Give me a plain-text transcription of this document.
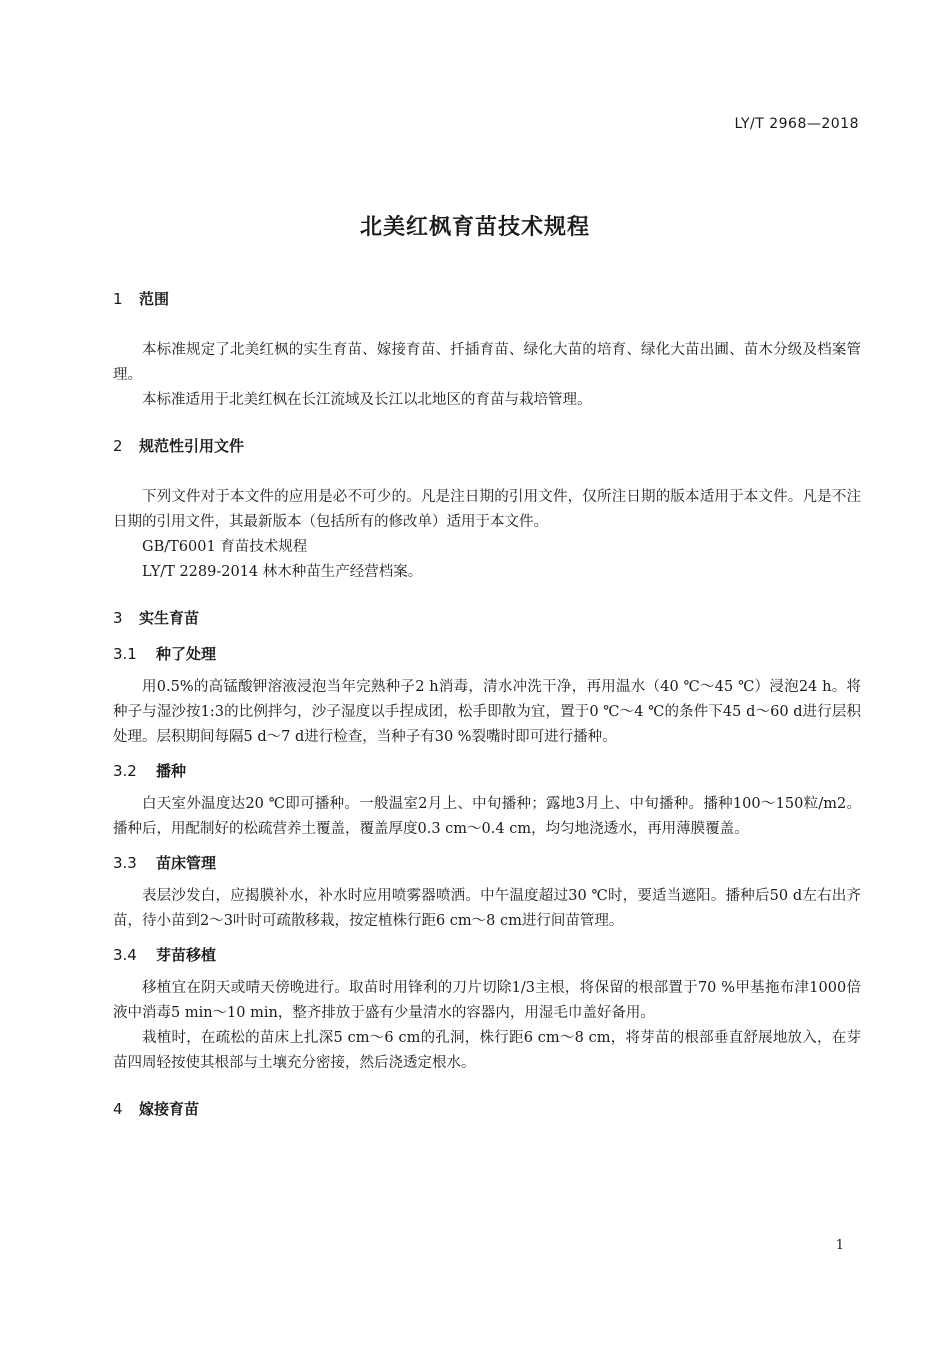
LY/T 2968—2018
北美红枫育苗技术规程
1	范围

本标准规定了北美红枫的实生育苗、嫁接育苗、扦插育苗、绿化大苗的培育、绿化大苗出圃、苗木分级及档案管理。

本标准适用于北美红枫在长江流域及长江以北地区的育苗与栽培管理。

2	规范性引用文件

下列文件对于本文件的应用是必不可少的。凡是注日期的引用文件，仅所注日期的版本适用于本文件。凡是不注日期的引用文件，其最新版本（包括所有的修改单）适用于本文件。

GB/T6001 育苗技术规程

LY/T 2289-2014 林木种苗生产经营档案。

3	实生育苗
3.1	种了处理

用0.5%的高锰酸钾溶液浸泡当年完熟种子2 h消毒，清水冲洗干净，再用温水（40 ℃～45 ℃）浸泡24 h。将种子与湿沙按1:3的比例拌匀，沙子湿度以手捏成团，松手即散为宜，置于0 ℃～4 ℃的条件下45 d～60 d进行层积处理。层积期间每隔5 d～7 d进行检查，当种子有30 %裂嘴时即可进行播种。

3.2	播种

白天室外温度达20 ℃即可播种。一般温室2月上、中旬播种；露地3月上、中旬播种。播种100～150粒/m2。播种后，用配制好的松疏营养土覆盖，覆盖厚度0.3 cm～0.4 cm，均匀地浇透水，再用薄膜覆盖。

3.3	苗床管理

表层沙发白，应揭膜补水，补水时应用喷雾器喷洒。中午温度超过30 ℃时，要适当遮阳。播种后50 d左右出齐苗，待小苗到2～3叶时可疏散移栽，按定植株行距6 cm～8 cm进行间苗管理。

3.4	芽苗移植

移植宜在阴天或晴天傍晚进行。取苗时用锋利的刀片切除1/3主根，将保留的根部置于70 %甲基拖布津1000倍液中消毒5 min～10 min，整齐排放于盛有少量清水的容器内，用湿毛巾盖好备用。

栽植时，在疏松的苗床上扎深5 cm～6 cm的孔洞，株行距6 cm～8 cm，将芽苗的根部垂直舒展地放入，在芽苗四周轻按使其根部与土壤充分密接，然后浇透定根水。

4	嫁接育苗
1
